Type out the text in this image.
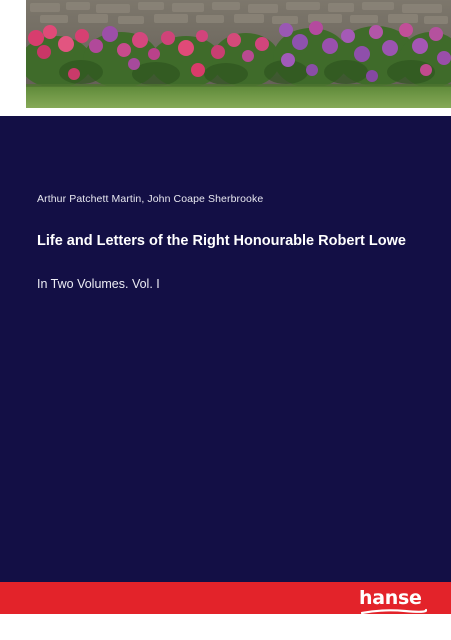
Arthur Patchett Martin, John Coape Sherbrooke
Life and Letters of the Right Honourable Robert Lowe
In Two Volumes. Vol. I
hanse
